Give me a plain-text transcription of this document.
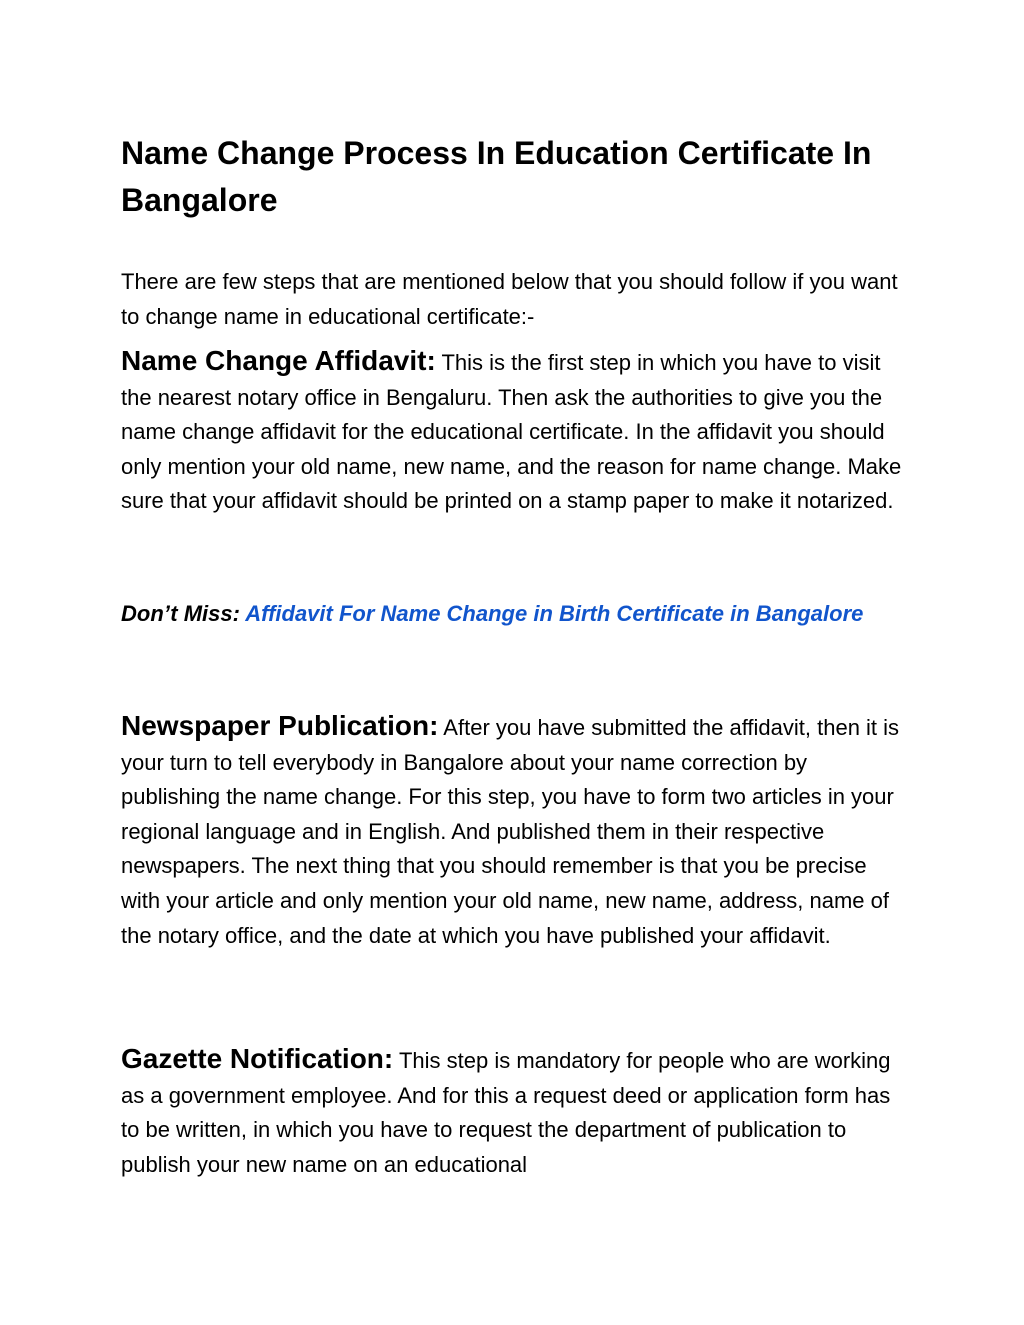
Name Change Process In Education Certificate In Bangalore

There are few steps that are mentioned below that you should follow if you want to change name in educational certificate:-

Name Change Affidavit: This is the first step in which you have to visit the nearest notary office in Bengaluru. Then ask the authorities to give you the name change affidavit for the educational certificate. In the affidavit you should only mention your old name, new name, and the reason for name change. Make sure that your affidavit should be printed on a stamp paper to make it notarized.

Don’t Miss: Affidavit For Name Change in Birth Certificate in Bangalore

Newspaper Publication: After you have submitted the affidavit, then it is your turn to tell everybody in Bangalore about your name correction by publishing the name change. For this step, you have to form two articles in your regional language and in English. And published them in their respective newspapers. The next thing that you should remember is that you be precise with your article and only mention your old name, new name, address, name of the notary office, and the date at which you have published your affidavit.

Gazette Notification: This step is mandatory for people who are working as a government employee. And for this a request deed or application form has to be written, in which you have to request the department of publication to publish your new name on an educational
